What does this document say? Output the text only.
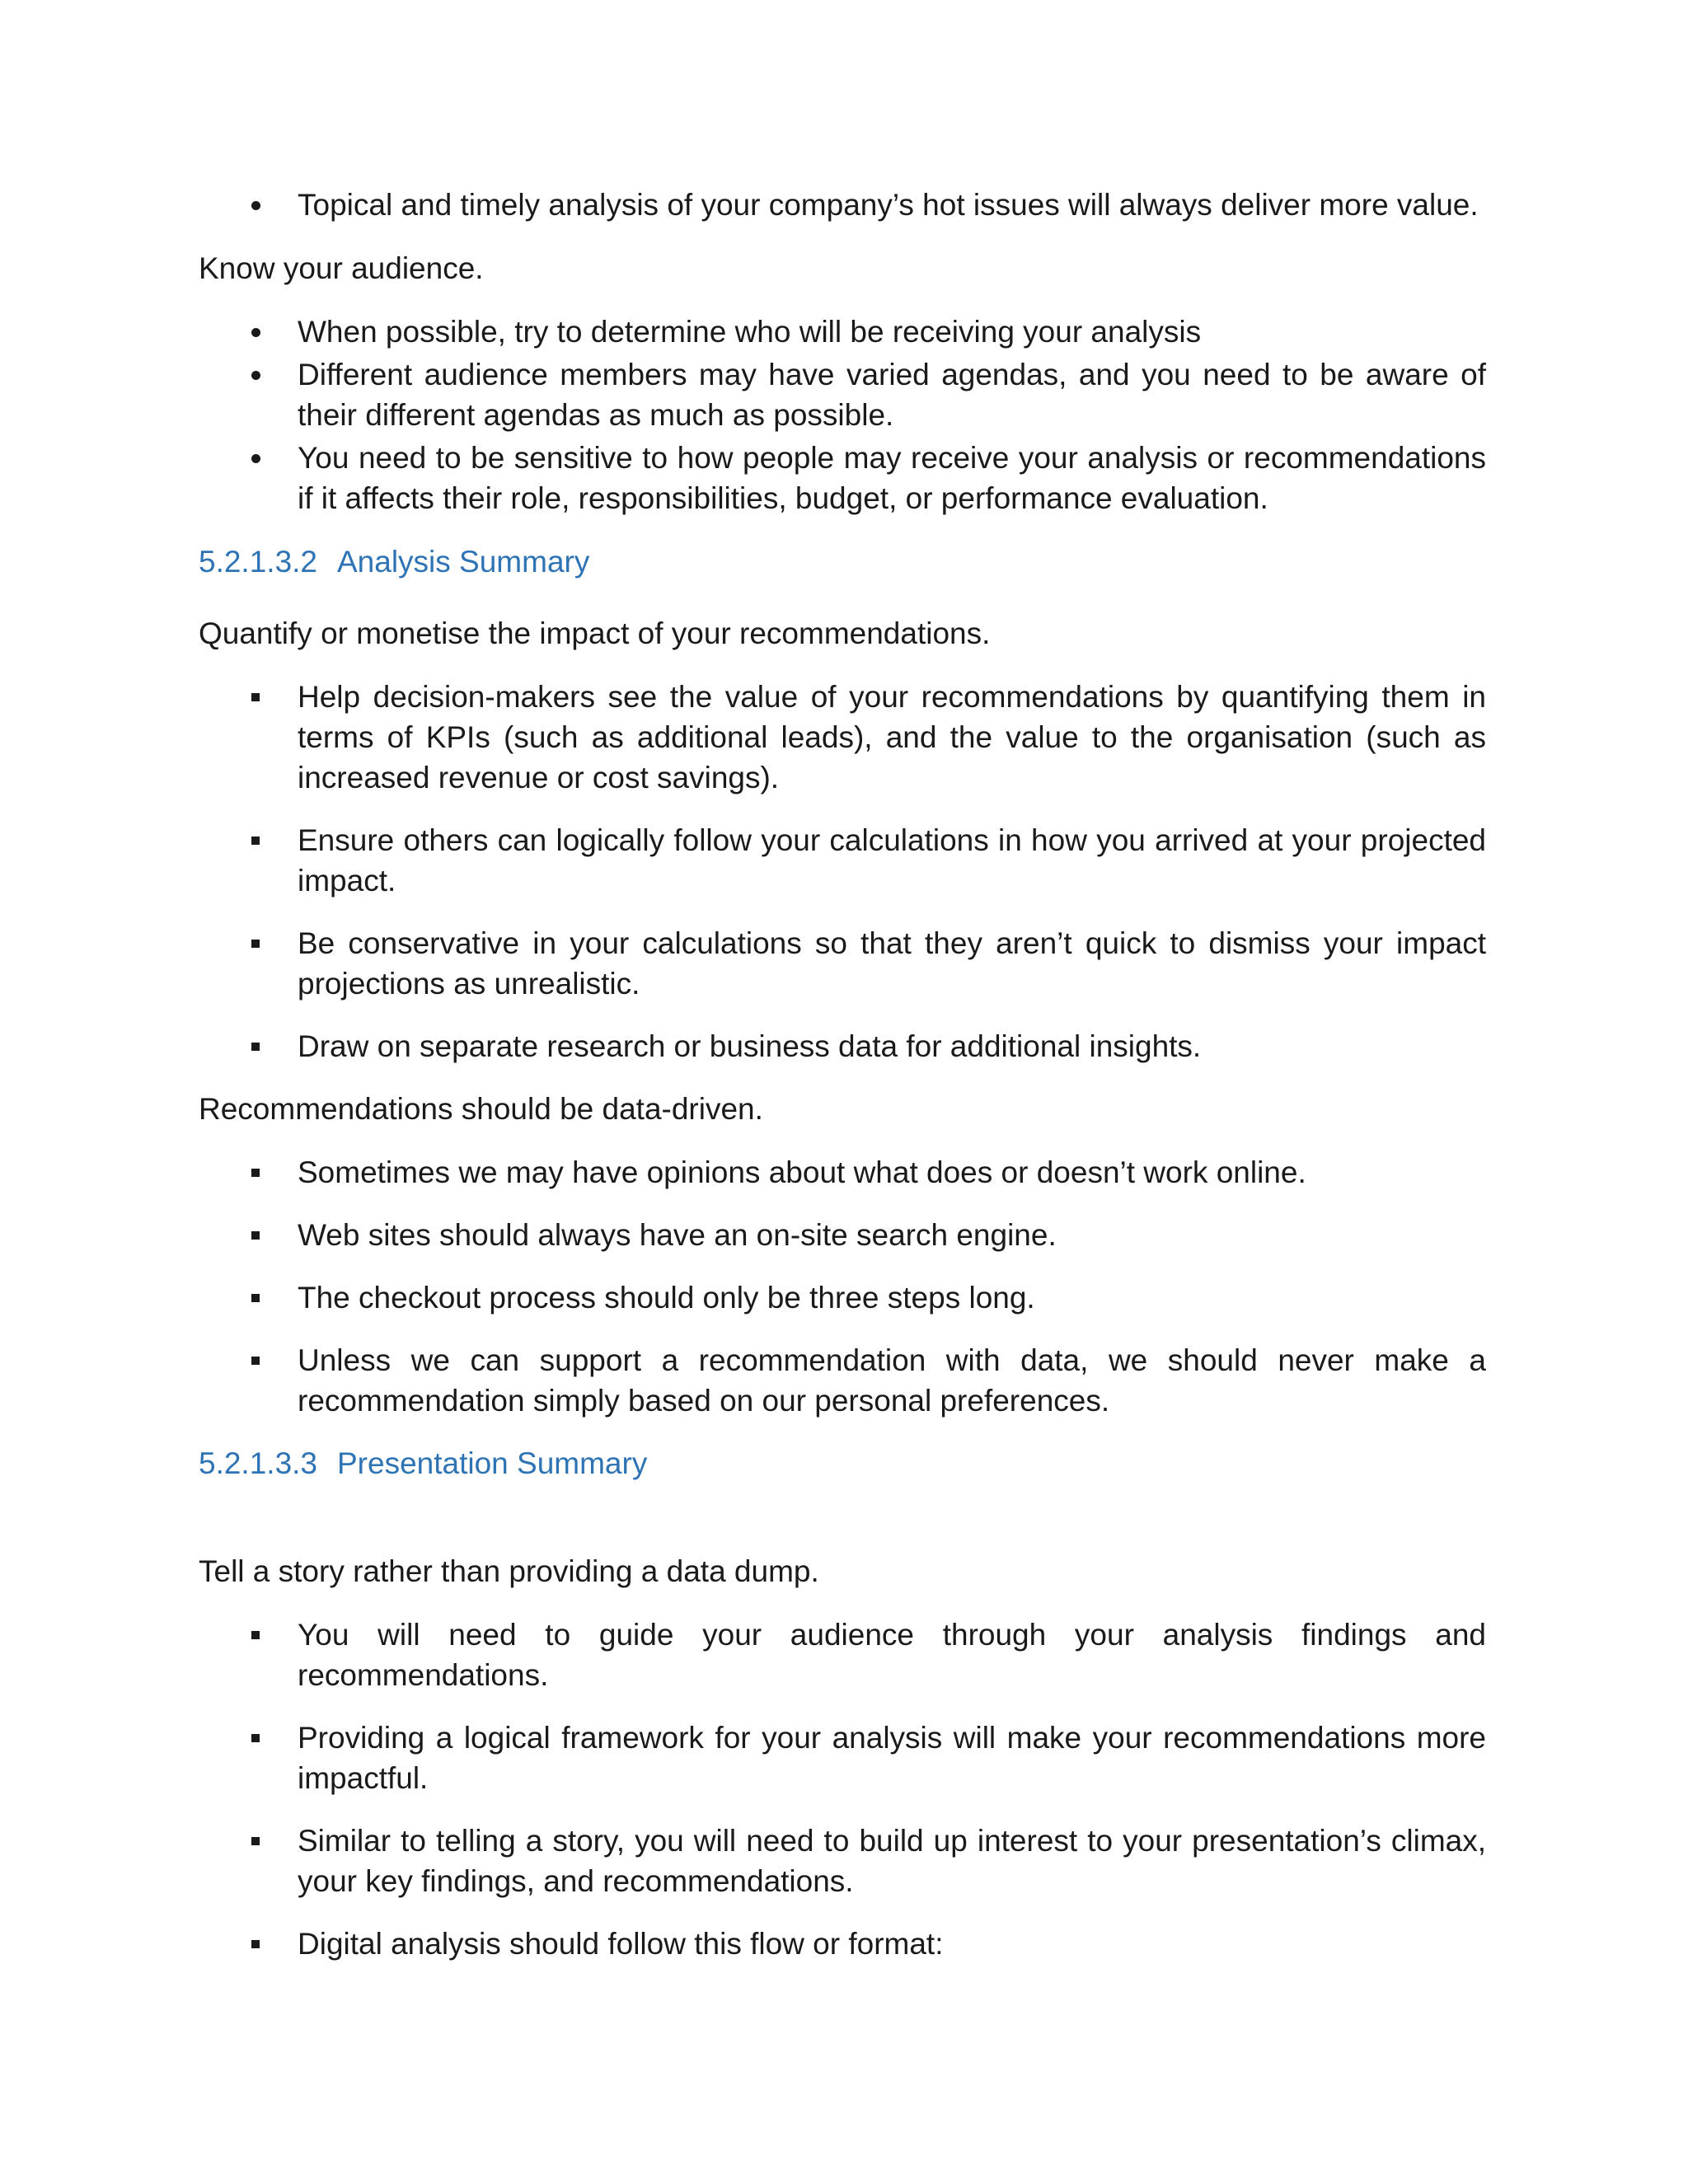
Topical and timely analysis of your company’s hot issues will always deliver more value.

Know your audience.

When possible, try to determine who will be receiving your analysis
Different audience members may have varied agendas, and you need to be aware of their different agendas as much as possible.
You need to be sensitive to how people may receive your analysis or recommendations if it affects their role, responsibilities, budget, or performance evaluation.
5.2.1.3.2 Analysis Summary

Quantify or monetise the impact of your recommendations.

Help decision-makers see the value of your recommendations by quantifying them in terms of KPIs (such as additional leads), and the value to the organisation (such as increased revenue or cost savings).
Ensure others can logically follow your calculations in how you arrived at your projected impact.
Be conservative in your calculations so that they aren’t quick to dismiss your impact projections as unrealistic.
Draw on separate research or business data for additional insights.

Recommendations should be data-driven.

Sometimes we may have opinions about what does or doesn’t work online.
Web sites should always have an on-site search engine.
The checkout process should only be three steps long.
Unless we can support a recommendation with data, we should never make a recommendation simply based on our personal preferences.
5.2.1.3.3 Presentation Summary

Tell a story rather than providing a data dump.

You will need to guide your audience through your analysis findings and recommendations.
Providing a logical framework for your analysis will make your recommendations more impactful.
Similar to telling a story, you will need to build up interest to your presentation’s climax, your key findings, and recommendations.
Digital analysis should follow this flow or format:
